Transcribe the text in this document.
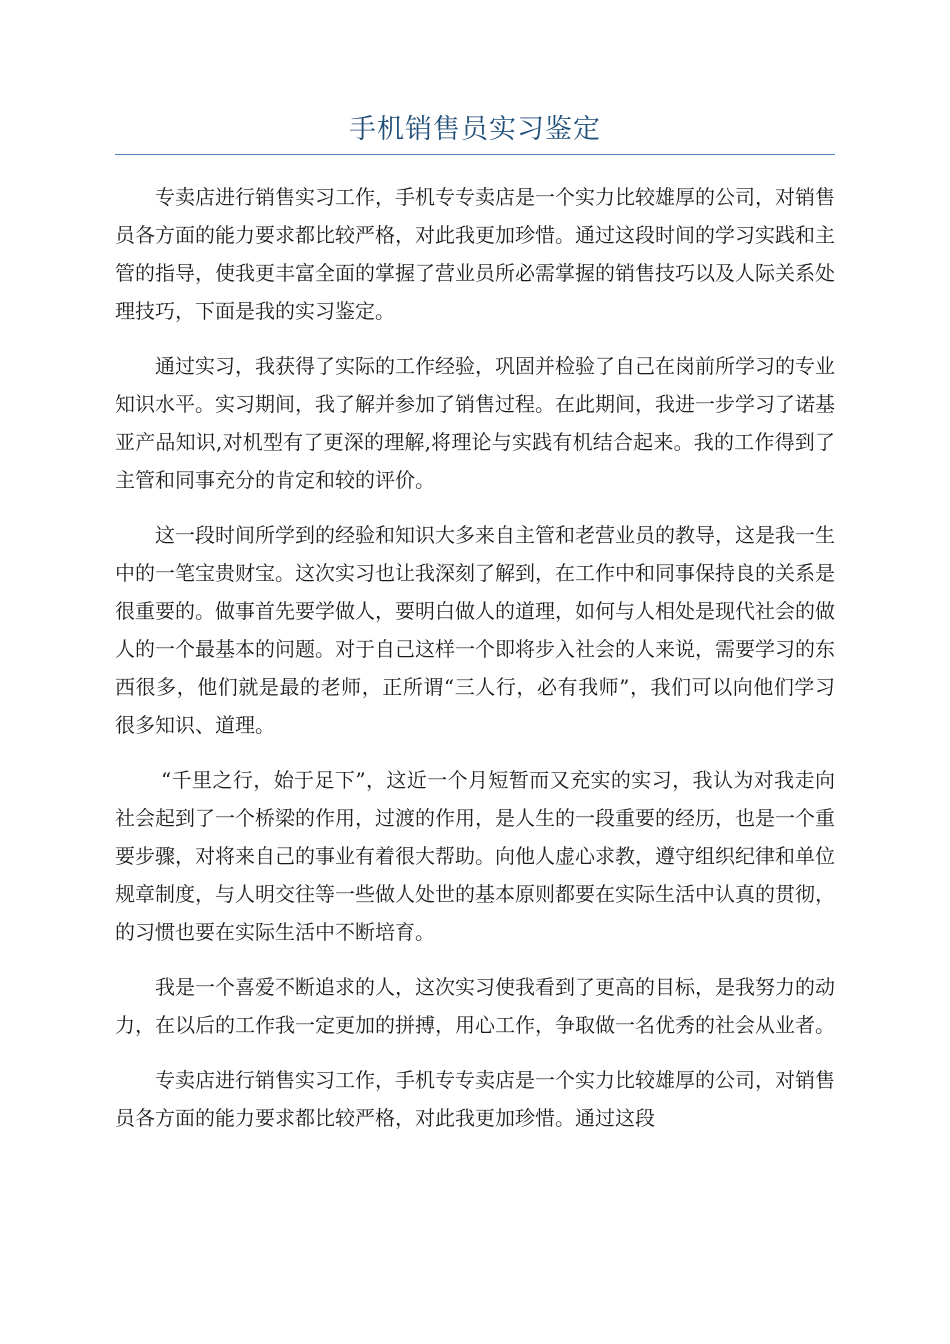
手机销售员实习鉴定

专卖店进行销售实习工作，手机专专卖店是一个实力比较雄厚的公司，对销售员各方面的能力要求都比较严格，对此我更加珍惜。通过这段时间的学习实践和主管的指导，使我更丰富全面的掌握了营业员所必需掌握的销售技巧以及人际关系处理技巧，下面是我的实习鉴定。

通过实习，我获得了实际的工作经验，巩固并检验了自己在岗前所学习的专业知识水平。实习期间，我了解并参加了销售过程。在此期间，我进一步学习了诺基亚产品知识,对机型有了更深的理解,将理论与实践有机结合起来。我的工作得到了主管和同事充分的肯定和较的评价。

这一段时间所学到的经验和知识大多来自主管和老营业员的教导，这是我一生中的一笔宝贵财宝。这次实习也让我深刻了解到，在工作中和同事保持良的关系是很重要的。做事首先要学做人，要明白做人的道理，如何与人相处是现代社会的做人的一个最基本的问题。对于自己这样一个即将步入社会的人来说，需要学习的东西很多，他们就是最的老师，正所谓“三人行，必有我师”，我们可以向他们学习很多知识、道理。

“千里之行，始于足下”，这近一个月短暂而又充实的实习，我认为对我走向社会起到了一个桥梁的作用，过渡的作用，是人生的一段重要的经历，也是一个重要步骤，对将来自己的事业有着很大帮助。向他人虚心求教，遵守组织纪律和单位规章制度，与人明交往等一些做人处世的基本原则都要在实际生活中认真的贯彻，的习惯也要在实际生活中不断培育。

我是一个喜爱不断追求的人，这次实习使我看到了更高的目标，是我努力的动力，在以后的工作我一定更加的拼搏，用心工作，争取做一名优秀的社会从业者。

专卖店进行销售实习工作，手机专专卖店是一个实力比较雄厚的公司，对销售员各方面的能力要求都比较严格，对此我更加珍惜。通过这段
